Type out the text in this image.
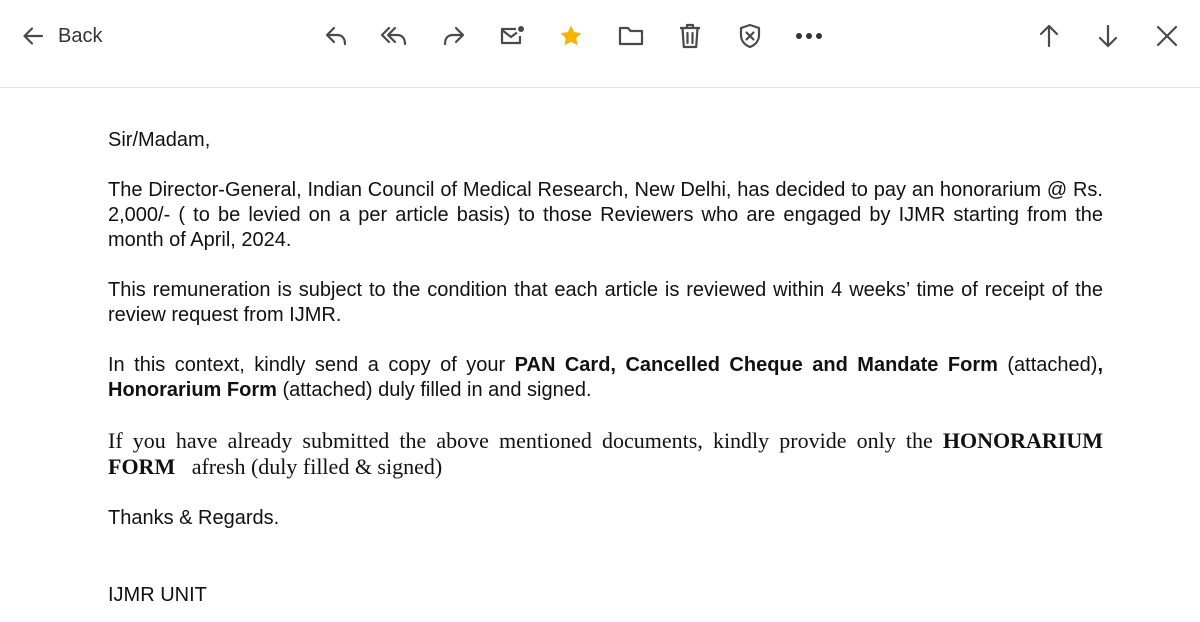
Back

Sir/Madam,

The Director-General, Indian Council of Medical Research, New Delhi, has decided to pay an honorarium @ Rs. 2,000/- ( to be levied on a per article basis) to those Reviewers who are engaged by IJMR starting from the month of April, 2024.

This remuneration is subject to the condition that each article is reviewed within 4 weeks’ time of receipt of the review request from IJMR.

In this context, kindly send a copy of your PAN Card, Cancelled Cheque and Mandate Form (attached), Honorarium Form (attached) duly filled in and signed.

If you have already submitted the above mentioned documents, kindly provide only the HONORARIUM FORM   afresh (duly filled & signed)

Thanks & Regards.

IJMR UNIT
